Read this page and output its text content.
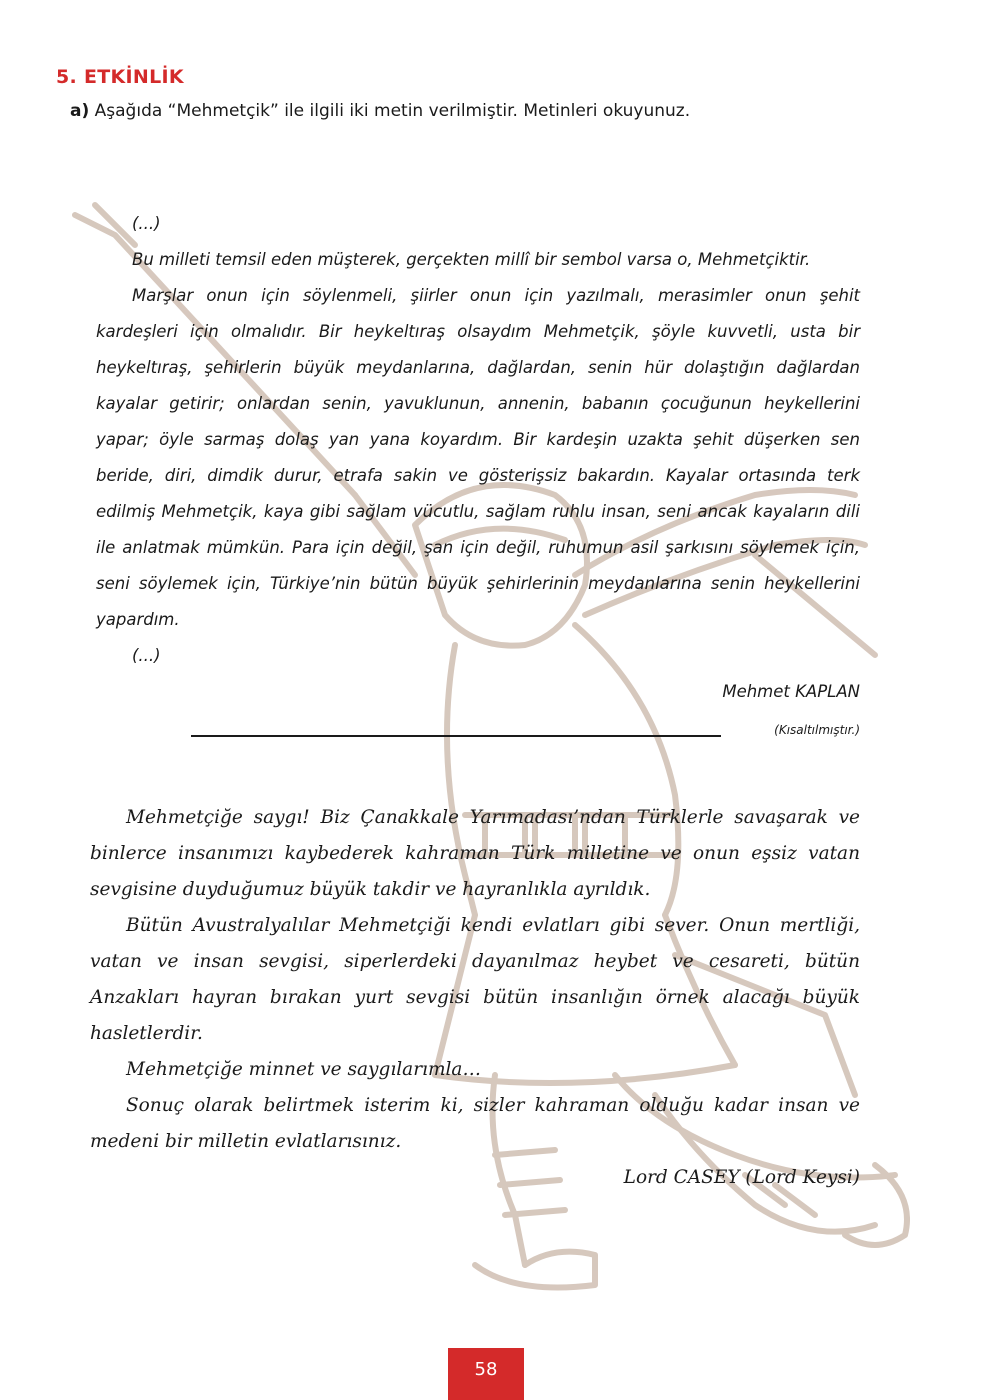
5. ETKİNLİK
a) Aşağıda “Mehmetçik” ile ilgili iki metin verilmiştir. Metinleri okuyunuz.

(...)

Bu milleti temsil eden müşterek, gerçekten millî bir sembol varsa o, Mehmetçiktir.

Marşlar onun için söylenmeli, şiirler onun için yazılmalı, merasimler onun şehit kardeşleri için olmalıdır. Bir heykeltıraş olsaydım Mehmetçik, şöyle kuvvetli, usta bir heykeltıraş, şehirlerin büyük meydanlarına, dağlardan, senin hür dolaştığın dağlardan kayalar getirir; onlardan senin, yavuklunun, annenin, babanın çocuğunun heykellerini yapar; öyle sarmaş dolaş yan yana koyardım. Bir kardeşin uzakta şehit düşerken sen beride, diri, dimdik durur, etrafa sakin ve gösterişsiz bakardın. Kayalar ortasında terk edilmiş Mehmetçik, kaya gibi sağlam vücutlu, sağlam ruhlu insan, seni ancak kayaların dili ile anlatmak mümkün. Para için değil, şan için değil, ruhumun asil şarkısını söylemek için, seni söylemek için, Türkiye’nin bütün büyük şehirlerinin meydanlarına senin heykellerini yapardım.

(...)

Mehmet KAPLAN

(Kısaltılmıştır.)

Mehmetçiğe saygı! Biz Çanakkale Yarımadası’ndan Türklerle savaşarak ve binlerce insanımızı kaybederek kahraman Türk milletine ve onun eşsiz vatan sevgisine duyduğumuz büyük takdir ve hayranlıkla ayrıldık.

Bütün Avustralyalılar Mehmetçiği kendi evlatları gibi sever. Onun mertliği, vatan ve insan sevgisi, siperlerdeki dayanılmaz heybet ve cesareti, bütün Anzakları hayran bırakan yurt sevgisi bütün insanlığın örnek alacağı büyük hasletlerdir.

Mehmetçiğe minnet ve saygılarımla…

Sonuç olarak belirtmek isterim ki, sizler kahraman olduğu kadar insan ve medeni bir milletin evlatlarısınız.

Lord CASEY (Lord Keysi)

58
